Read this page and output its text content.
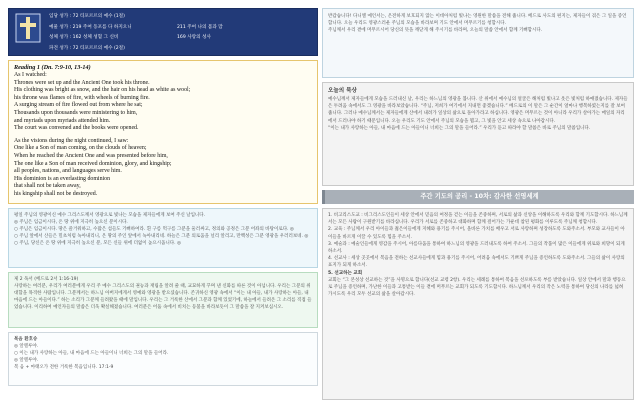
입당 성가 : 72 티포르르의 예수 (1절)
예물 성가 : 219 주여 동포를 다 하지오니	211 주여 나의 몸과 맘
성체 성가 : 162 성체 성혈 그 신비	169 사랑의 성사
파견 성가 : 72 티포르르의 예수 (2절)
Reading 1 (Dn. 7:9-10, 13-14)
As I watched:
Thrones were set up and the Ancient One took his throne.
His clothing was bright as snow, and the hair on his head as white as wool;
his throne was flames of fire, with wheels of burning fire.
A surging stream of fire flowed out from where he sat;
Thousands upon thousands were ministering to him,
and myriads upon myriads attended him.
The court was convened and the books were opened.
As the visions during the night continued, I saw:
One like a Son of man coming, on the clouds of heaven;
When he reached the Ancient One and was presented before him,
The one like a Son of man received dominion, glory, and kingship;
all peoples, nations, and languages serve him.
His dominion is an everlasting dominion
that shall not be taken away,
his kingship shall not be destroyed.
평일 주님의 영광이신 예수 그리스도께서 영광으로 빛나는 모습을 제자들에게 보여 주신 날입니다.
◎ 주님은 임금이시다, 온 땅 위에 지극히 높으신 분이시다.
○ 주님은 임금이시다. 땅은 즐거워하고, 수많은 섬들도 기뻐하여라. 흰 구름 먹구름 그분을 둘러싸고, 정의와 공정은 그분 어좌의 바탕이로다. ◎
○ 주님 앞에서 산들은 밀초처럼 녹아내리니, 온 땅의 주인 앞에서 녹아내리네. 하늘은 그분 의로움을 널리 알리고, 만백성은 그분 영광을 우러러보네. ◎
○ 주님, 당신은 온 땅 위에 지극히 높으신 분, 모든 신들 위에 더없이 높으시옵니다. ◎
제 2 독서 (베드로 2서 1:16-19)
사랑하는 여러분, 우리가 여러분에게 우리 주 예수 그리스도의 권능과 재림을 알려 줄 때, 교묘하게 꾸며 낸 신화를 따른 것이 아닙니다. 우리는 그분의 위대함을 목격한 사람입니다. 그분께서는 하느님 아버지에게서 영예와 영광을 받으셨습니다. 존귀하신 영광 속에서 “이는 내 아들, 내가 사랑하는 아들, 내 마음에 드는 아들이다.” 하는 소리가 그분께 들려왔을 때에 말입니다. 우리는 그 거룩한 산에서 그분과 함께 있었기에, 하늘에서 들려온 그 소리를 직접 들었습니다. 이리하여 예언자들의 말씀은 더욱 확실해졌습니다. 여러분은 어둠 속에서 비치는 등불을 바라보듯이 그 말씀을 잘 지켜보십시오.
복음 환호송
◎ 알렐루야.
○ 이는 내가 사랑하는 아들, 내 마음에 드는 아들이니 너희는 그의 말을 들어라.
◎ 알렐루야.
복 음 + 마태오가 전한 거룩한 복음입니다. 17:1-9
반갑습니다! 다니엘 예언서는, 온전하게 보호되지 않는 이데아처럼 빛나는 영원한 말씀을 전해 줍니다. 베드로 사도의 편지는, 제자들이 겪은 그 일을 증언합니다. 오늘 우리도 영광스러운 주님의 모습을 바라보며 기도 안에서 머무르기를 청합시다.
주님께서 우리 곁에 머무르시어 당신의 뜻을 깨닫게 해 주시기를 바라며, 오늘의 말씀 안에서 함께 기뻐합시다.
오늘의 묵상
예수님께서 제자들에게 모습을 드러내신 날, 우리는 하느님의 영광을 봅니다. 산 위에서 예수님의 얼굴은 해처럼 빛나고 옷은 빛처럼 하얘졌습니다. 제자들은 두려움 속에서도 그 영광을 바라보았습니다. “주님, 저희가 여기에서 지내면 좋겠습니다.” 베드로의 이 말은 그 순간이 얼마나 행복하였는지를 잘 보여 줍니다. 그러나 예수님께서는 제자들에게 산에서 내려가 일상의 삶으로 돌아가라고 하십니다. 영광은 머무르는 것이 아니라 우리가 살아가는 매일의 자리에서 드러나야 하기 때문입니다. 오늘 우리도 기도 안에서 주님의 모습을 뵙고, 그 빛을 안고 세상 속으로 나아갑시다.
“이는 내가 사랑하는 아들, 내 마음에 드는 아들이니 너희는 그의 말을 들어라.” 우리가 듣고 따라야 할 말씀은 바로 주님의 말씀입니다.
주간 기도의 공리 - 10차: 감사한 선영세계
1. 비고리스도교 : 비그리스도인들이 세상 안에서 믿음의 여정을 걷는 이들을 존중하며, 서로의 삶과 신앙을 이해하도록 우리와 함께 기도합시다. 하느님께서는 모든 사람이 구원받기를 바라십니다. 우리가 서로를 존중하고 대화하며 함께 걸어가는 가운데 참된 평화를 이루도록 주님께 청합시다.
2. 교육 : 주님께서 우리 아이들과 젊은이들에게 지혜와 용기를 주시어, 올바른 가치를 배우고 서로 사랑하며 성장하도록 도와주소서. 부모와 교사들이 아이들을 바르게 이끌 수 있도록 힘을 주소서.
3. 예술과 : 예술인들에게 영감을 주시어, 아름다움을 통하여 하느님의 영광을 드러내도록 하여 주소서. 그들의 작품이 많은 이들에게 위로와 희망이 되게 하소서.
4. 선교사 : 세상 곳곳에서 복음을 전하는 선교사들에게 힘과 용기를 주시어, 어려움 속에서도 기쁘게 주님을 증언하도록 도와주소서. 그들의 삶이 사랑의 표지가 되게 하소서.
5. 선교하는 교회
교회는 “그 본성상 선교하는 것”을 사명으로 합니다(선교 교령 2항). 우리는 세례를 통하여 복음을 선포하도록 부름 받았습니다. 일상 안에서 말과 행동으로 주님을 증언하며, 가난한 이들과 고통받는 이들 곁에 머무르는 교회가 되도록 기도합시다. 하느님께서 우리의 작은 노력을 통하여 당신의 나라를 넓혀 가시도록 우리 모두 선교의 삶을 살아갑시다.
